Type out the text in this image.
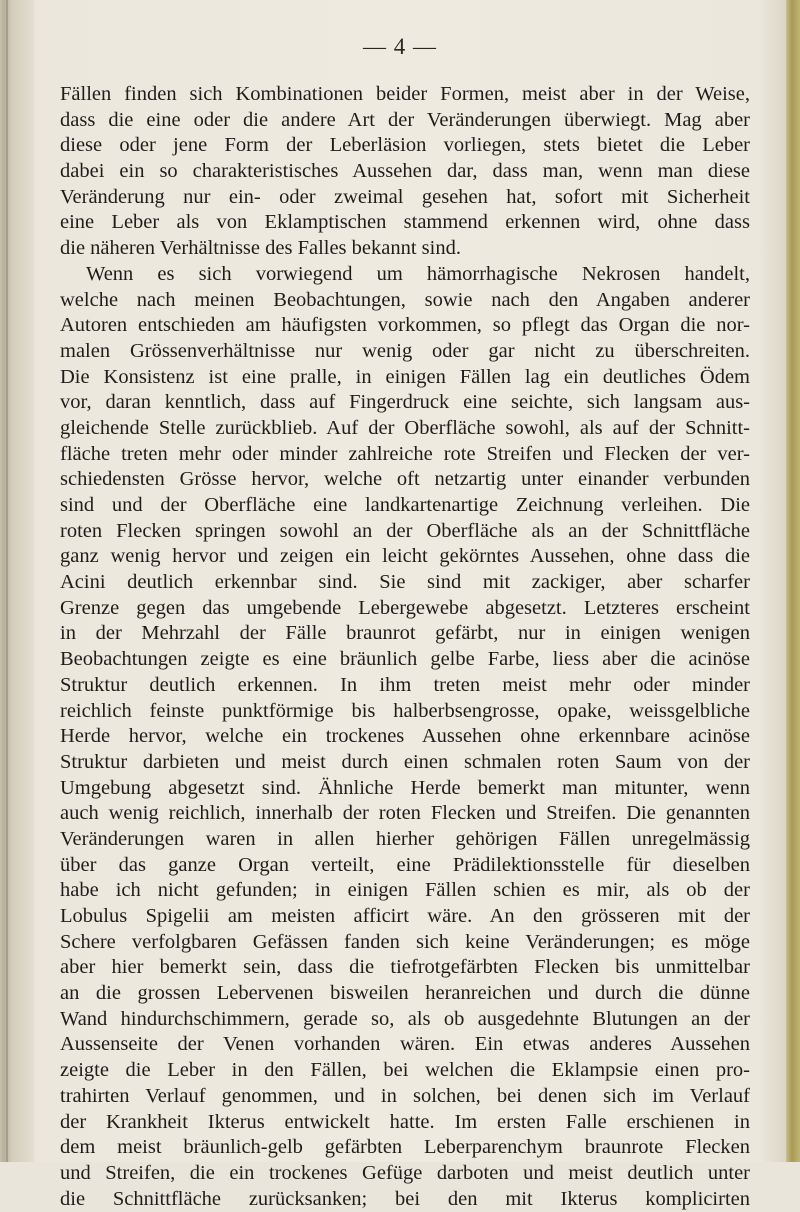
— 4 —
Fällen finden sich Kombinationen beider Formen, meist aber in der Weise,
dass die eine oder die andere Art der Veränderungen überwiegt. Mag aber
diese oder jene Form der Leberläsion vorliegen, stets bietet die Leber
dabei ein so charakteristisches Aussehen dar, dass man, wenn man diese
Veränderung nur ein- oder zweimal gesehen hat, sofort mit Sicherheit
eine Leber als von Eklamptischen stammend erkennen wird, ohne dass
die näheren Verhältnisse des Falles bekannt sind.
Wenn es sich vorwiegend um hämorrhagische Nekrosen handelt,
welche nach meinen Beobachtungen, sowie nach den Angaben anderer
Autoren entschieden am häufigsten vorkommen, so pflegt das Organ die nor-
malen Grössenverhältnisse nur wenig oder gar nicht zu überschreiten.
Die Konsistenz ist eine pralle, in einigen Fällen lag ein deutliches Ödem
vor, daran kenntlich, dass auf Fingerdruck eine seichte, sich langsam aus-
gleichende Stelle zurückblieb. Auf der Oberfläche sowohl, als auf der Schnitt-
fläche treten mehr oder minder zahlreiche rote Streifen und Flecken der ver-
schiedensten Grösse hervor, welche oft netzartig unter einander verbunden
sind und der Oberfläche eine landkartenartige Zeichnung verleihen. Die
roten Flecken springen sowohl an der Oberfläche als an der Schnittfläche
ganz wenig hervor und zeigen ein leicht gekörntes Aussehen, ohne dass die
Acini deutlich erkennbar sind. Sie sind mit zackiger, aber scharfer
Grenze gegen das umgebende Lebergewebe abgesetzt. Letzteres erscheint
in der Mehrzahl der Fälle braunrot gefärbt, nur in einigen wenigen
Beobachtungen zeigte es eine bräunlich gelbe Farbe, liess aber die acinöse
Struktur deutlich erkennen. In ihm treten meist mehr oder minder
reichlich feinste punktförmige bis halberbsengrosse, opake, weissgelbliche
Herde hervor, welche ein trockenes Aussehen ohne erkennbare acinöse
Struktur darbieten und meist durch einen schmalen roten Saum von der
Umgebung abgesetzt sind. Ähnliche Herde bemerkt man mitunter, wenn
auch wenig reichlich, innerhalb der roten Flecken und Streifen. Die genannten
Veränderungen waren in allen hierher gehörigen Fällen unregelmässig
über das ganze Organ verteilt, eine Prädilektionsstelle für dieselben
habe ich nicht gefunden; in einigen Fällen schien es mir, als ob der
Lobulus Spigelii am meisten afficirt wäre. An den grösseren mit der
Schere verfolgbaren Gefässen fanden sich keine Veränderungen; es möge
aber hier bemerkt sein, dass die tiefrotgefärbten Flecken bis unmittelbar
an die grossen Lebervenen bisweilen heranreichen und durch die dünne
Wand hindurchschimmern, gerade so, als ob ausgedehnte Blutungen an der
Aussenseite der Venen vorhanden wären. Ein etwas anderes Aussehen
zeigte die Leber in den Fällen, bei welchen die Eklampsie einen pro-
trahirten Verlauf genommen, und in solchen, bei denen sich im Verlauf
der Krankheit Ikterus entwickelt hatte. Im ersten Falle erschienen in
dem meist bräunlich-gelb gefärbten Leberparenchym braunrote Flecken
und Streifen, die ein trockenes Gefüge darboten und meist deutlich unter
die Schnittfläche zurücksanken; bei den mit Ikterus komplicirten
